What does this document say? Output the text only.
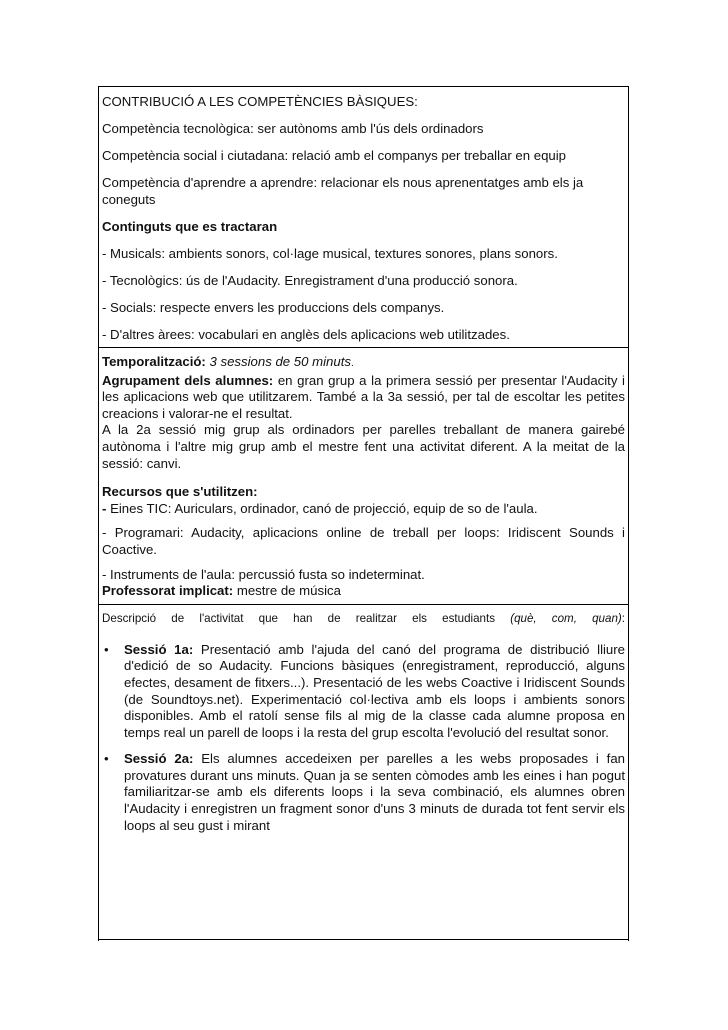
CONTRIBUCIÓ A LES COMPETÈNCIES BÀSIQUES:

Competència tecnològica: ser autònoms amb l'ús dels ordinadors

Competència social i ciutadana: relació amb el companys per treballar en equip

Competència d'aprendre a aprendre: relacionar els nous aprenentatges amb els ja coneguts

Continguts que es tractaran

- Musicals: ambients sonors, col·lage musical, textures sonores, plans sonors.

- Tecnològics: ús de l'Audacity. Enregistrament d'una producció sonora.

- Socials: respecte envers les produccions dels companys.

- D'altres àrees: vocabulari en anglès dels aplicacions web utilitzades.

Temporalització: 3 sessions de 50 minuts.

Agrupament dels alumnes: en gran grup a la primera sessió per presentar l'Audacity i les aplicacions web que utilitzarem. També a la 3a sessió, per tal de escoltar les petites creacions i valorar-ne el resultat.

A la 2a sessió mig grup als ordinadors per parelles treballant de manera gairebé autònoma i l'altre mig grup amb el mestre fent una activitat diferent. A la meitat de la sessió: canvi.

Recursos que s'utilitzen:

- Eines TIC: Auriculars, ordinador, canó de projecció, equip de so de l'aula.

- Programari: Audacity, aplicacions online de treball per loops: Iridiscent Sounds i Coactive.

- Instruments de l'aula: percussió fusta so indeterminat.

Professorat implicat: mestre de música

Descripció de l'activitat que han de realitzar els estudiants (què, com, quan):
• Sessió 1a: Presentació amb l'ajuda del canó del programa de distribució lliure d'edició de so Audacity. Funcions bàsiques (enregistrament, reproducció, alguns efectes, desament de fitxers...). Presentació de les webs Coactive i Iridiscent Sounds (de Soundtoys.net). Experimentació col·lectiva amb els loops i ambients sonors disponibles. Amb el ratolí sense fils al mig de la classe cada alumne proposa en temps real un parell de loops i la resta del grup escolta l'evolució del resultat sonor.
• Sessió 2a: Els alumnes accedeixen per parelles a les webs proposades i fan provatures durant uns minuts. Quan ja se senten còmodes amb les eines i han pogut familiaritzar-se amb els diferents loops i la seva combinació, els alumnes obren l'Audacity i enregistren un fragment sonor d'uns 3 minuts de durada tot fent servir els loops al seu gust i mirant
